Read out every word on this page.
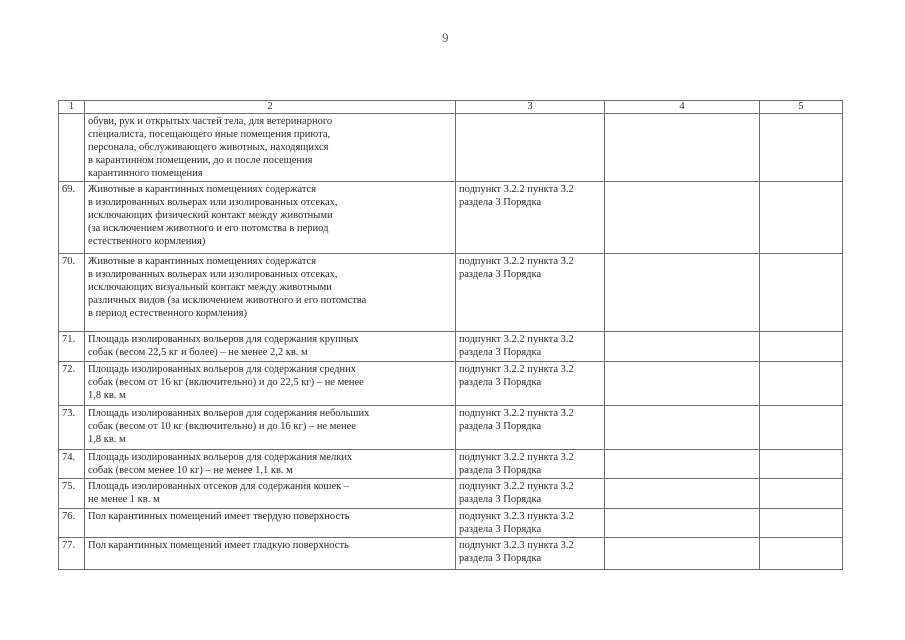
9
1	2	3	4	5
	обуви, рук и открытых частей тела, для ветеринарного
специалиста, посещающего иные помещения приюта,
персонала, обслуживающего животных, находящихся
в карантинном помещении, до и после посещения
карантинного помещения			
69.	Животные в карантинных помещениях содержатся
в изолированных вольерах или изолированных отсеках,
исключающих физический контакт между животными
(за исключением животного и его потомства в период
естественного кормления)	подпункт 3.2.2 пункта 3.2
раздела 3 Порядка		
70.	Животные в карантинных помещениях содержатся
в изолированных вольерах или изолированных отсеках,
исключающих визуальный контакт между животными
различных видов (за исключением животного и его потомства
в период естественного кормления)	подпункт 3.2.2 пункта 3.2
раздела 3 Порядка		
71.	Площадь изолированных вольеров для содержания крупных
собак (весом 22,5 кг и более) – не менее 2,2 кв. м	подпункт 3.2.2 пункта 3.2
раздела 3 Порядка		
72.	Площадь изолированных вольеров для содержания средних
собак (весом от 16 кг (включительно) и до 22,5 кг) – не менее
1,8 кв. м	подпункт 3.2.2 пункта 3.2
раздела 3 Порядка		
73.	Площадь изолированных вольеров для содержания небольших
собак (весом от 10 кг (включительно) и до 16 кг) – не менее
1,8 кв. м	подпункт 3.2.2 пункта 3.2
раздела 3 Порядка		
74.	Площадь изолированных вольеров для содержания мелких
собак (весом менее 10 кг) – не менее 1,1 кв. м	подпункт 3.2.2 пункта 3.2
раздела 3 Порядка		
75.	Площадь изолированных отсеков для содержания кошек –
не менее 1 кв. м	подпункт 3.2.2 пункта 3.2
раздела 3 Порядка		
76.	Пол карантинных помещений имеет твердую поверхность	подпункт 3.2.3 пункта 3.2
раздела 3 Порядка		
77.	Пол карантинных помещений имеет гладкую поверхность	подпункт 3.2.3 пункта 3.2
раздела 3 Порядка		
